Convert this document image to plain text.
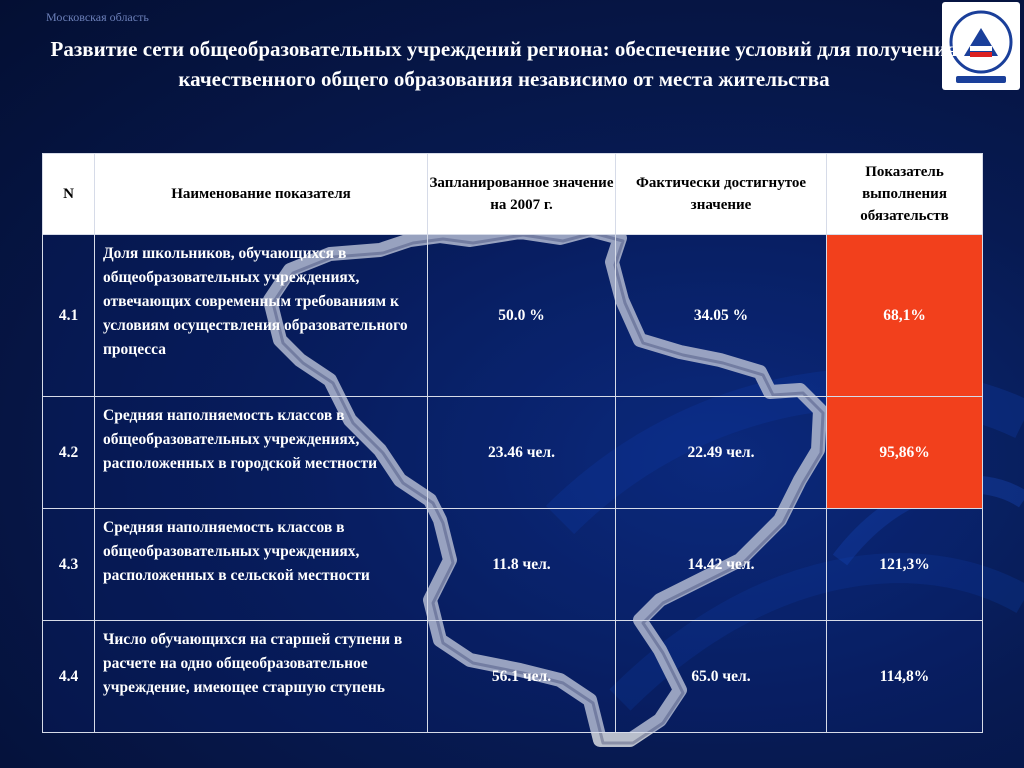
Московская область
Развитие сети общеобразовательных учреждений региона: обеспечение условий для получения качественного общего образования независимо от места жительства
N	Наименование показателя	Запланированное значение на 2007 г.	Фактически достигнутое значение	Показатель выполнения обязательств
4.1	Доля школьников, обучающихся в общеобразовательных учреждениях, отвечающих современным требованиям к условиям осуществления образовательного процесса	50.0 %	34.05 %	68,1%
4.2	Средняя наполняемость классов в общеобразовательных учреждениях, расположенных в городской местности	23.46 чел.	22.49 чел.	95,86%
4.3	Средняя наполняемость классов в общеобразовательных учреждениях, расположенных в сельской местности	11.8 чел.	14.42 чел.	121,3%
4.4	Число обучающихся на старшей ступени в расчете на одно общеобразовательное учреждение, имеющее старшую ступень	56.1 чел.	65.0 чел.	114,8%
